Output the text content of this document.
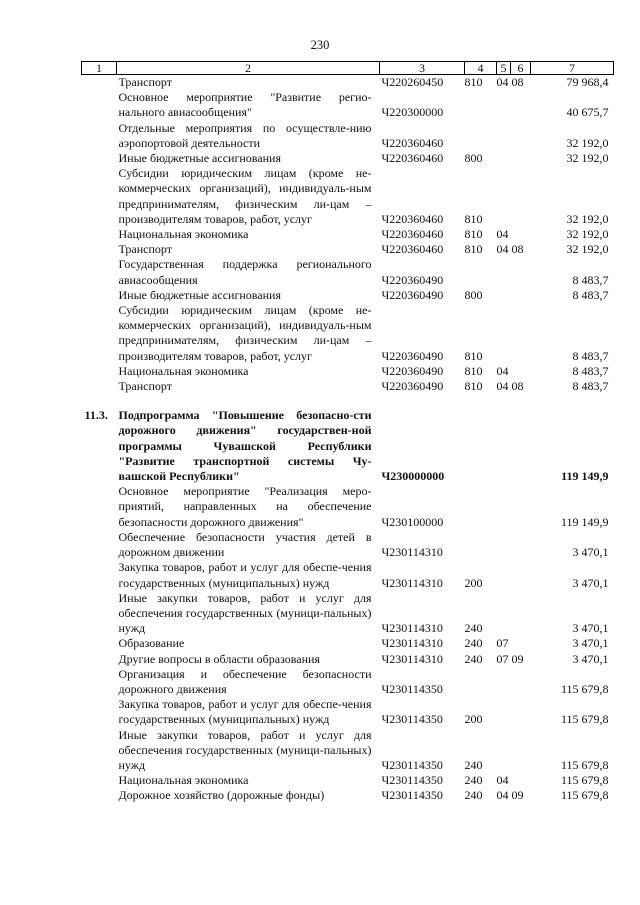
230
1	2	3	4	5	6	7
	Транспорт	Ч220260450	810	04 08		79 968,4
	Основное мероприятие "Развитие регио-нального авиасообщения"	Ч220300000				40 675,7
	Отдельные мероприятия по осуществле-нию аэропортовой деятельности	Ч220360460				32 192,0
	Иные бюджетные ассигнования	Ч220360460	800			32 192,0
	Субсидии юридическим лицам (кроме не-коммерческих организаций), индивидуаль-ным предпринимателям, физическим ли-цам – производителям товаров, работ, услуг	Ч220360460	810			32 192,0
	Национальная экономика	Ч220360460	810	04		32 192,0
	Транспорт	Ч220360460	810	04 08		32 192,0
	Государственная поддержка регионального авиасообщения	Ч220360490				8 483,7
	Иные бюджетные ассигнования	Ч220360490	800			8 483,7
	Субсидии юридическим лицам (кроме не-коммерческих организаций), индивидуаль-ным предпринимателям, физическим ли-цам – производителям товаров, работ, услуг	Ч220360490	810			8 483,7
	Национальная экономика	Ч220360490	810	04		8 483,7
	Транспорт	Ч220360490	810	04 08		8 483,7

11.3.	Подпрограмма "Повышение безопасно-сти дорожного движения" государствен-ной программы Чувашской Республики "Развитие транспортной системы Чу-вашской Республики"	Ч230000000				119 149,9
	Основное мероприятие "Реализация меро-приятий, направленных на обеспечение безопасности дорожного движения"	Ч230100000				119 149,9
	Обеспечение безопасности участия детей в дорожном движении	Ч230114310				3 470,1
	Закупка товаров, работ и услуг для обеспе-чения государственных (муниципальных) нужд	Ч230114310	200			3 470,1
	Иные закупки товаров, работ и услуг для обеспечения государственных (муници-пальных) нужд	Ч230114310	240			3 470,1
	Образование	Ч230114310	240	07		3 470,1
	Другие вопросы в области образования	Ч230114310	240	07 09		3 470,1
	Организация и обеспечение безопасности дорожного движения	Ч230114350				115 679,8
	Закупка товаров, работ и услуг для обеспе-чения государственных (муниципальных) нужд	Ч230114350	200			115 679,8
	Иные закупки товаров, работ и услуг для обеспечения государственных (муници-пальных) нужд	Ч230114350	240			115 679,8
	Национальная экономика	Ч230114350	240	04		115 679,8
	Дорожное хозяйство (дорожные фонды)	Ч230114350	240	04 09		115 679,8
